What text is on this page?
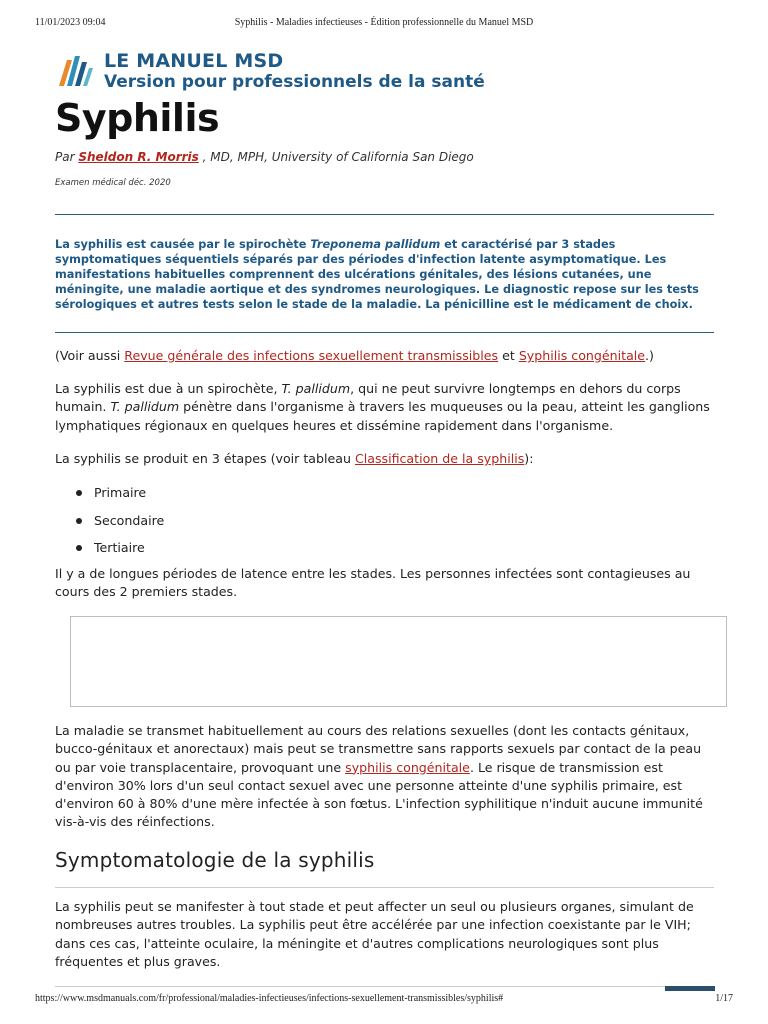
11/01/2023 09:04	Syphilis - Maladies infectieuses - Édition professionnelle du Manuel MSD
LE MANUEL MSD
Version pour professionnels de la santé
Syphilis
Par Sheldon R. Morris , MD, MPH, University of California San Diego
Examen médical déc. 2020
La syphilis est causée par le spirochète Treponema pallidum et caractérisé par 3 stades symptomatiques séquentiels séparés par des périodes d'infection latente asymptomatique. Les manifestations habituelles comprennent des ulcérations génitales, des lésions cutanées, une méningite, une maladie aortique et des syndromes neurologiques. Le diagnostic repose sur les tests sérologiques et autres tests selon le stade de la maladie. La pénicilline est le médicament de choix.
(Voir aussi Revue générale des infections sexuellement transmissibles et Syphilis congénitale.)
La syphilis est due à un spirochète, T. pallidum, qui ne peut survivre longtemps en dehors du corps humain. T. pallidum pénètre dans l'organisme à travers les muqueuses ou la peau, atteint les ganglions lymphatiques régionaux en quelques heures et dissémine rapidement dans l'organisme.
La syphilis se produit en 3 étapes (voir tableau Classification de la syphilis):
Primaire
Secondaire
Tertiaire
Il y a de longues périodes de latence entre les stades. Les personnes infectées sont contagieuses au cours des 2 premiers stades.
La maladie se transmet habituellement au cours des relations sexuelles (dont les contacts génitaux, bucco-génitaux et anorectaux) mais peut se transmettre sans rapports sexuels par contact de la peau ou par voie transplacentaire, provoquant une syphilis congénitale. Le risque de transmission est d'environ 30% lors d'un seul contact sexuel avec une personne atteinte d'une syphilis primaire, est d'environ 60 à 80% d'une mère infectée à son fœtus. L'infection syphilitique n'induit aucune immunité vis-à-vis des réinfections.
Symptomatologie de la syphilis
La syphilis peut se manifester à tout stade et peut affecter un seul ou plusieurs organes, simulant de nombreuses autres troubles. La syphilis peut être accélérée par une infection coexistante par le VIH; dans ces cas, l'atteinte oculaire, la méningite et d'autres complications neurologiques sont plus fréquentes et plus graves.
https://www.msdmanuals.com/fr/professional/maladies-infectieuses/infections-sexuellement-transmissibles/syphilis#	1/17
